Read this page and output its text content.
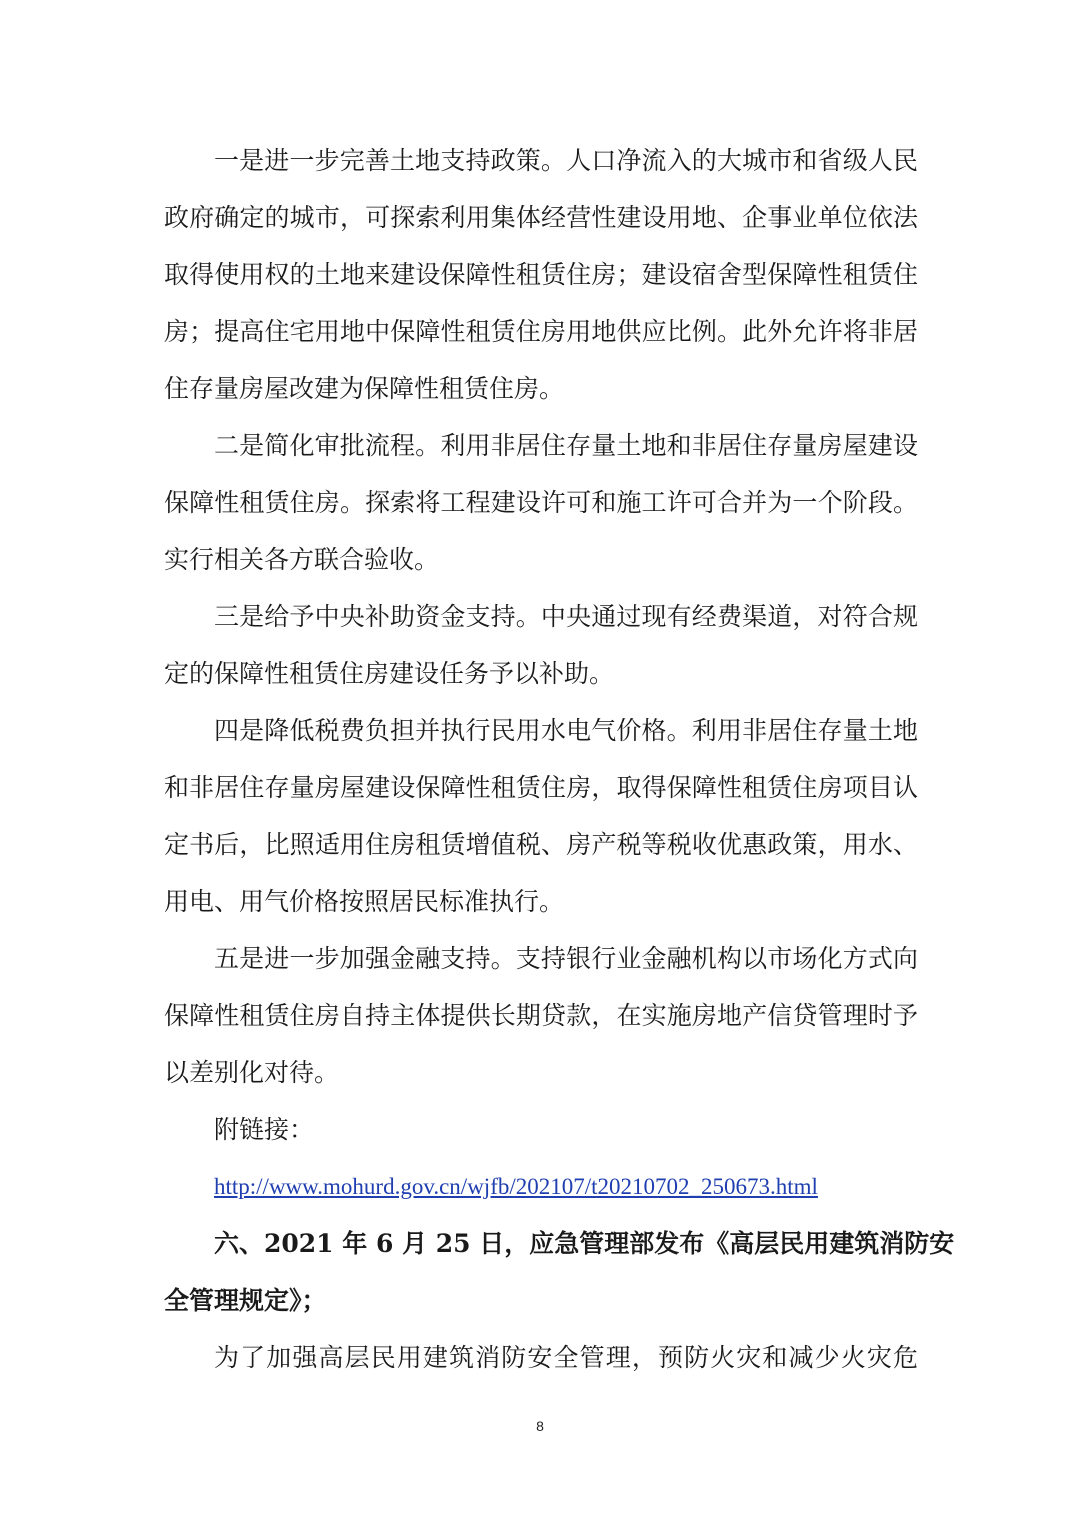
一是进一步完善土地支持政策。人口净流入的大城市和省级人民
政府确定的城市，可探索利用集体经营性建设用地、企事业单位依法
取得使用权的土地来建设保障性租赁住房；建设宿舍型保障性租赁住
房；提高住宅用地中保障性租赁住房用地供应比例。此外允许将非居
住存量房屋改建为保障性租赁住房。
二是简化审批流程。利用非居住存量土地和非居住存量房屋建设
保障性租赁住房。探索将工程建设许可和施工许可合并为一个阶段。
实行相关各方联合验收。
三是给予中央补助资金支持。中央通过现有经费渠道，对符合规
定的保障性租赁住房建设任务予以补助。
四是降低税费负担并执行民用水电气价格。利用非居住存量土地
和非居住存量房屋建设保障性租赁住房，取得保障性租赁住房项目认
定书后，比照适用住房租赁增值税、房产税等税收优惠政策，用水、
用电、用气价格按照居民标准执行。
五是进一步加强金融支持。支持银行业金融机构以市场化方式向
保障性租赁住房自持主体提供长期贷款，在实施房地产信贷管理时予
以差别化对待。
附链接：
http://www.mohurd.gov.cn/wjfb/202107/t20210702_250673.html
六、2021 年 6 月 25 日，应急管理部发布《高层民用建筑消防安
全管理规定》；
为了加强高层民用建筑消防安全管理，预防火灾和减少火灾危
8
